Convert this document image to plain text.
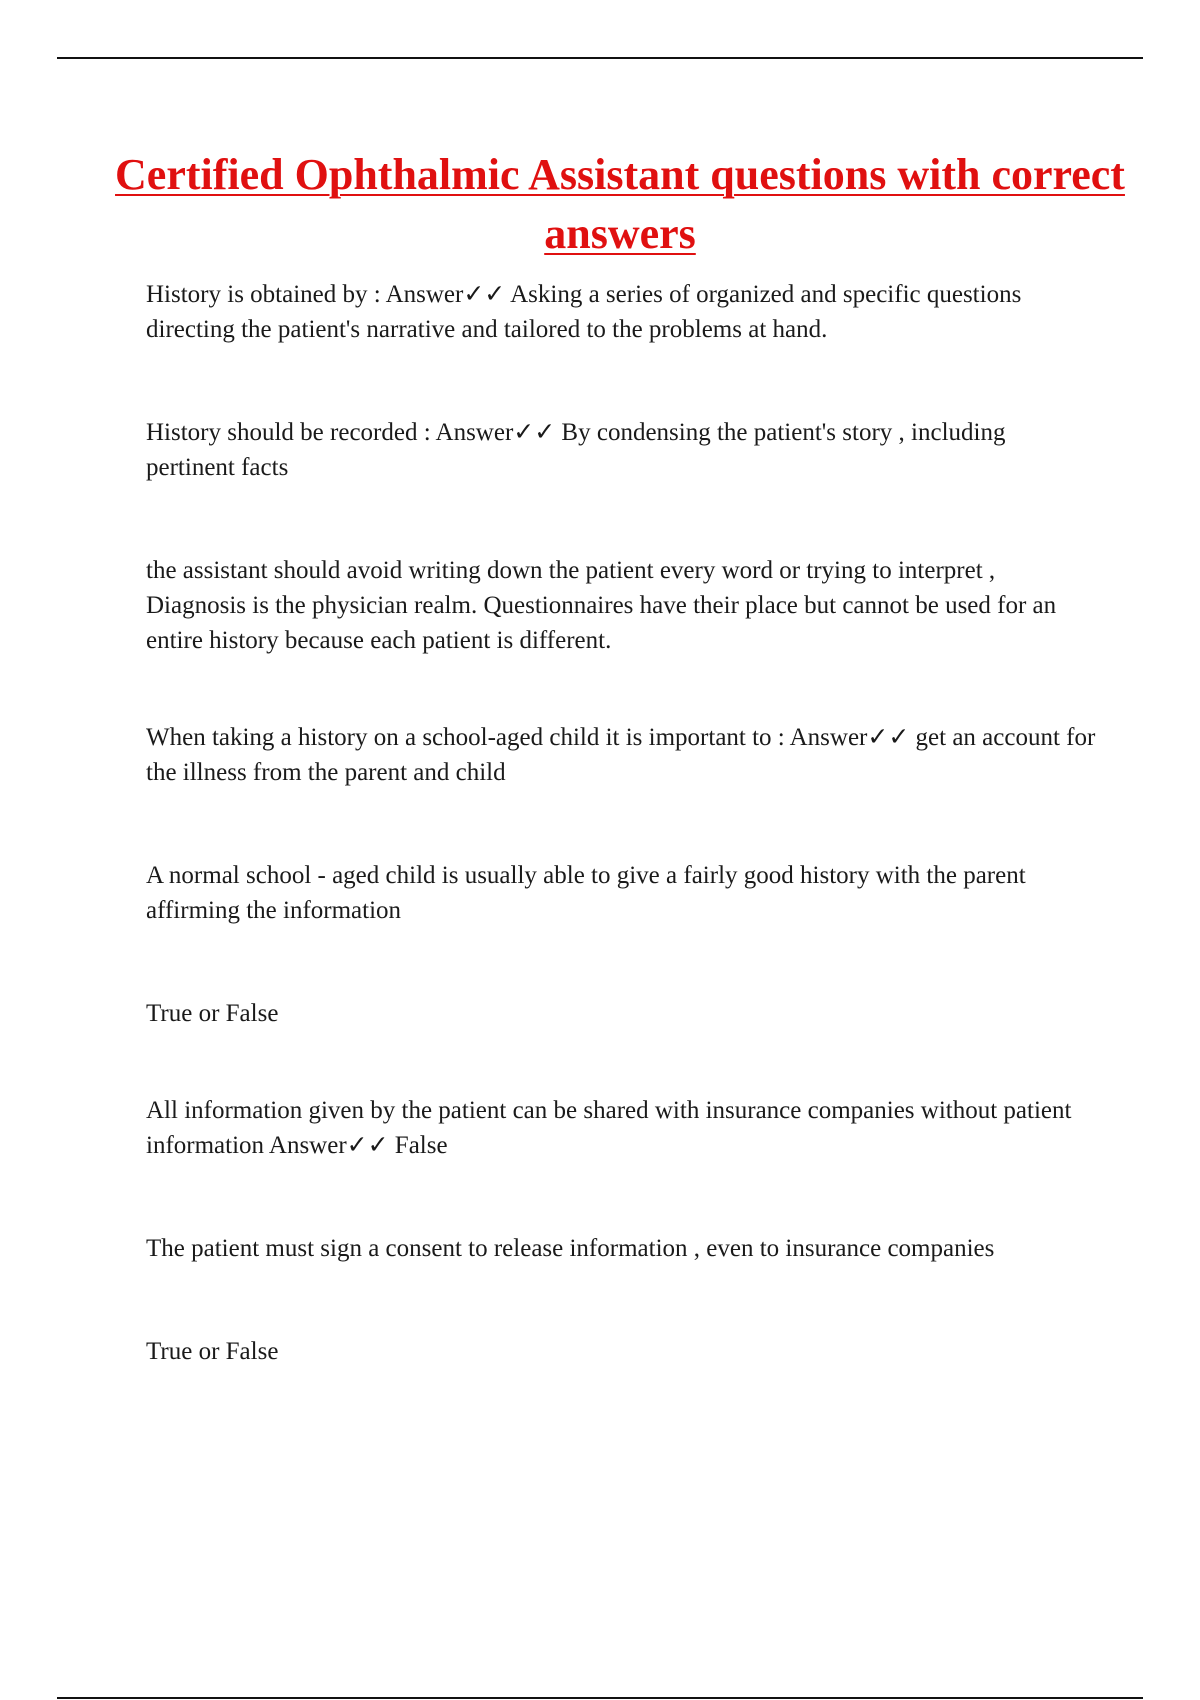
Certified Ophthalmic Assistant questions with correct answers

History is obtained by : Answer✓✓ Asking a series of organized and specific questions directing the patient's narrative and tailored to the problems at hand.

History should be recorded : Answer✓✓ By condensing the patient's story , including pertinent facts

the assistant should avoid writing down the patient every word or trying to interpret , Diagnosis is the physician realm. Questionnaires have their place but cannot be used for an entire history because each patient is different.

When taking a history on a school-aged child it is important to : Answer✓✓ get an account for the illness from the parent and child

A normal school - aged child is usually able to give a fairly good history with the parent affirming the information

True or False

All information given by the patient can be shared with insurance companies without patient information Answer✓✓ False

The patient must sign a consent to release information , even to insurance companies

True or False
